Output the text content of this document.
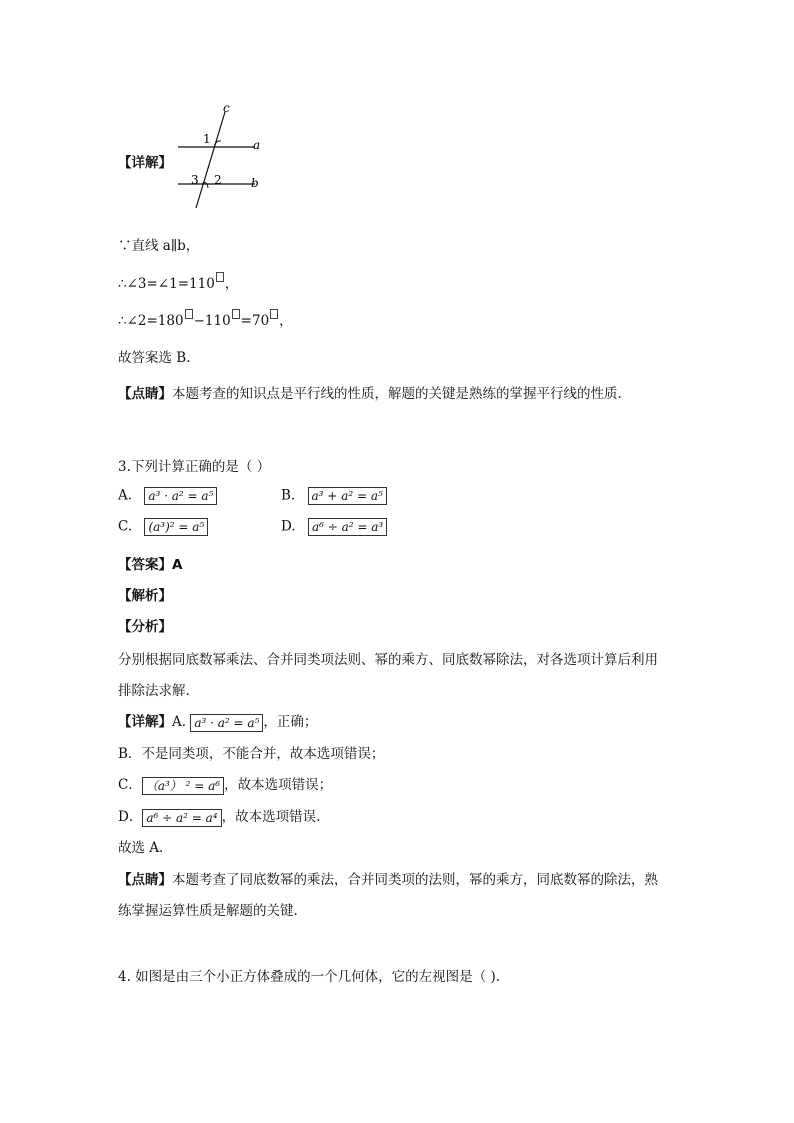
c
a
b
1
3 2
【详解】
∵直线 a∥b，
∴∠3=∠1=110 ，
∴∠2=180 −110 =70 ，
故答案选 B.
【点睛】本题考查的知识点是平行线的性质，解题的关键是熟练的掌握平行线的性质.
3.下列计算正确的是（ ）
A. a³ · a² = a⁵	B. a³ + a² = a⁵
C. (a³)² = a⁵	D. a⁶ ÷ a² = a³
【答案】A
【解析】
【分析】
分别根据同底数幂乘法、合并同类项法则、幂的乘方、同底数幂除法，对各选项计算后利用
排除法求解.
【详解】A. a³ · a² = a⁵ ，正确；
B．不是同类项，不能合并，故本选项错误；
C． （a³） ² = a⁶ ，故本选项错误；
D． a⁶ ÷ a² = a⁴ ，故本选项错误.
故选 A.
【点睛】本题考查了同底数幂的乘法，合并同类项的法则，幂的乘方，同底数幂的除法，熟
练掌握运算性质是解题的关键.
4. 如图是由三个小正方体叠成的一个几何体，它的左视图是（ ).
